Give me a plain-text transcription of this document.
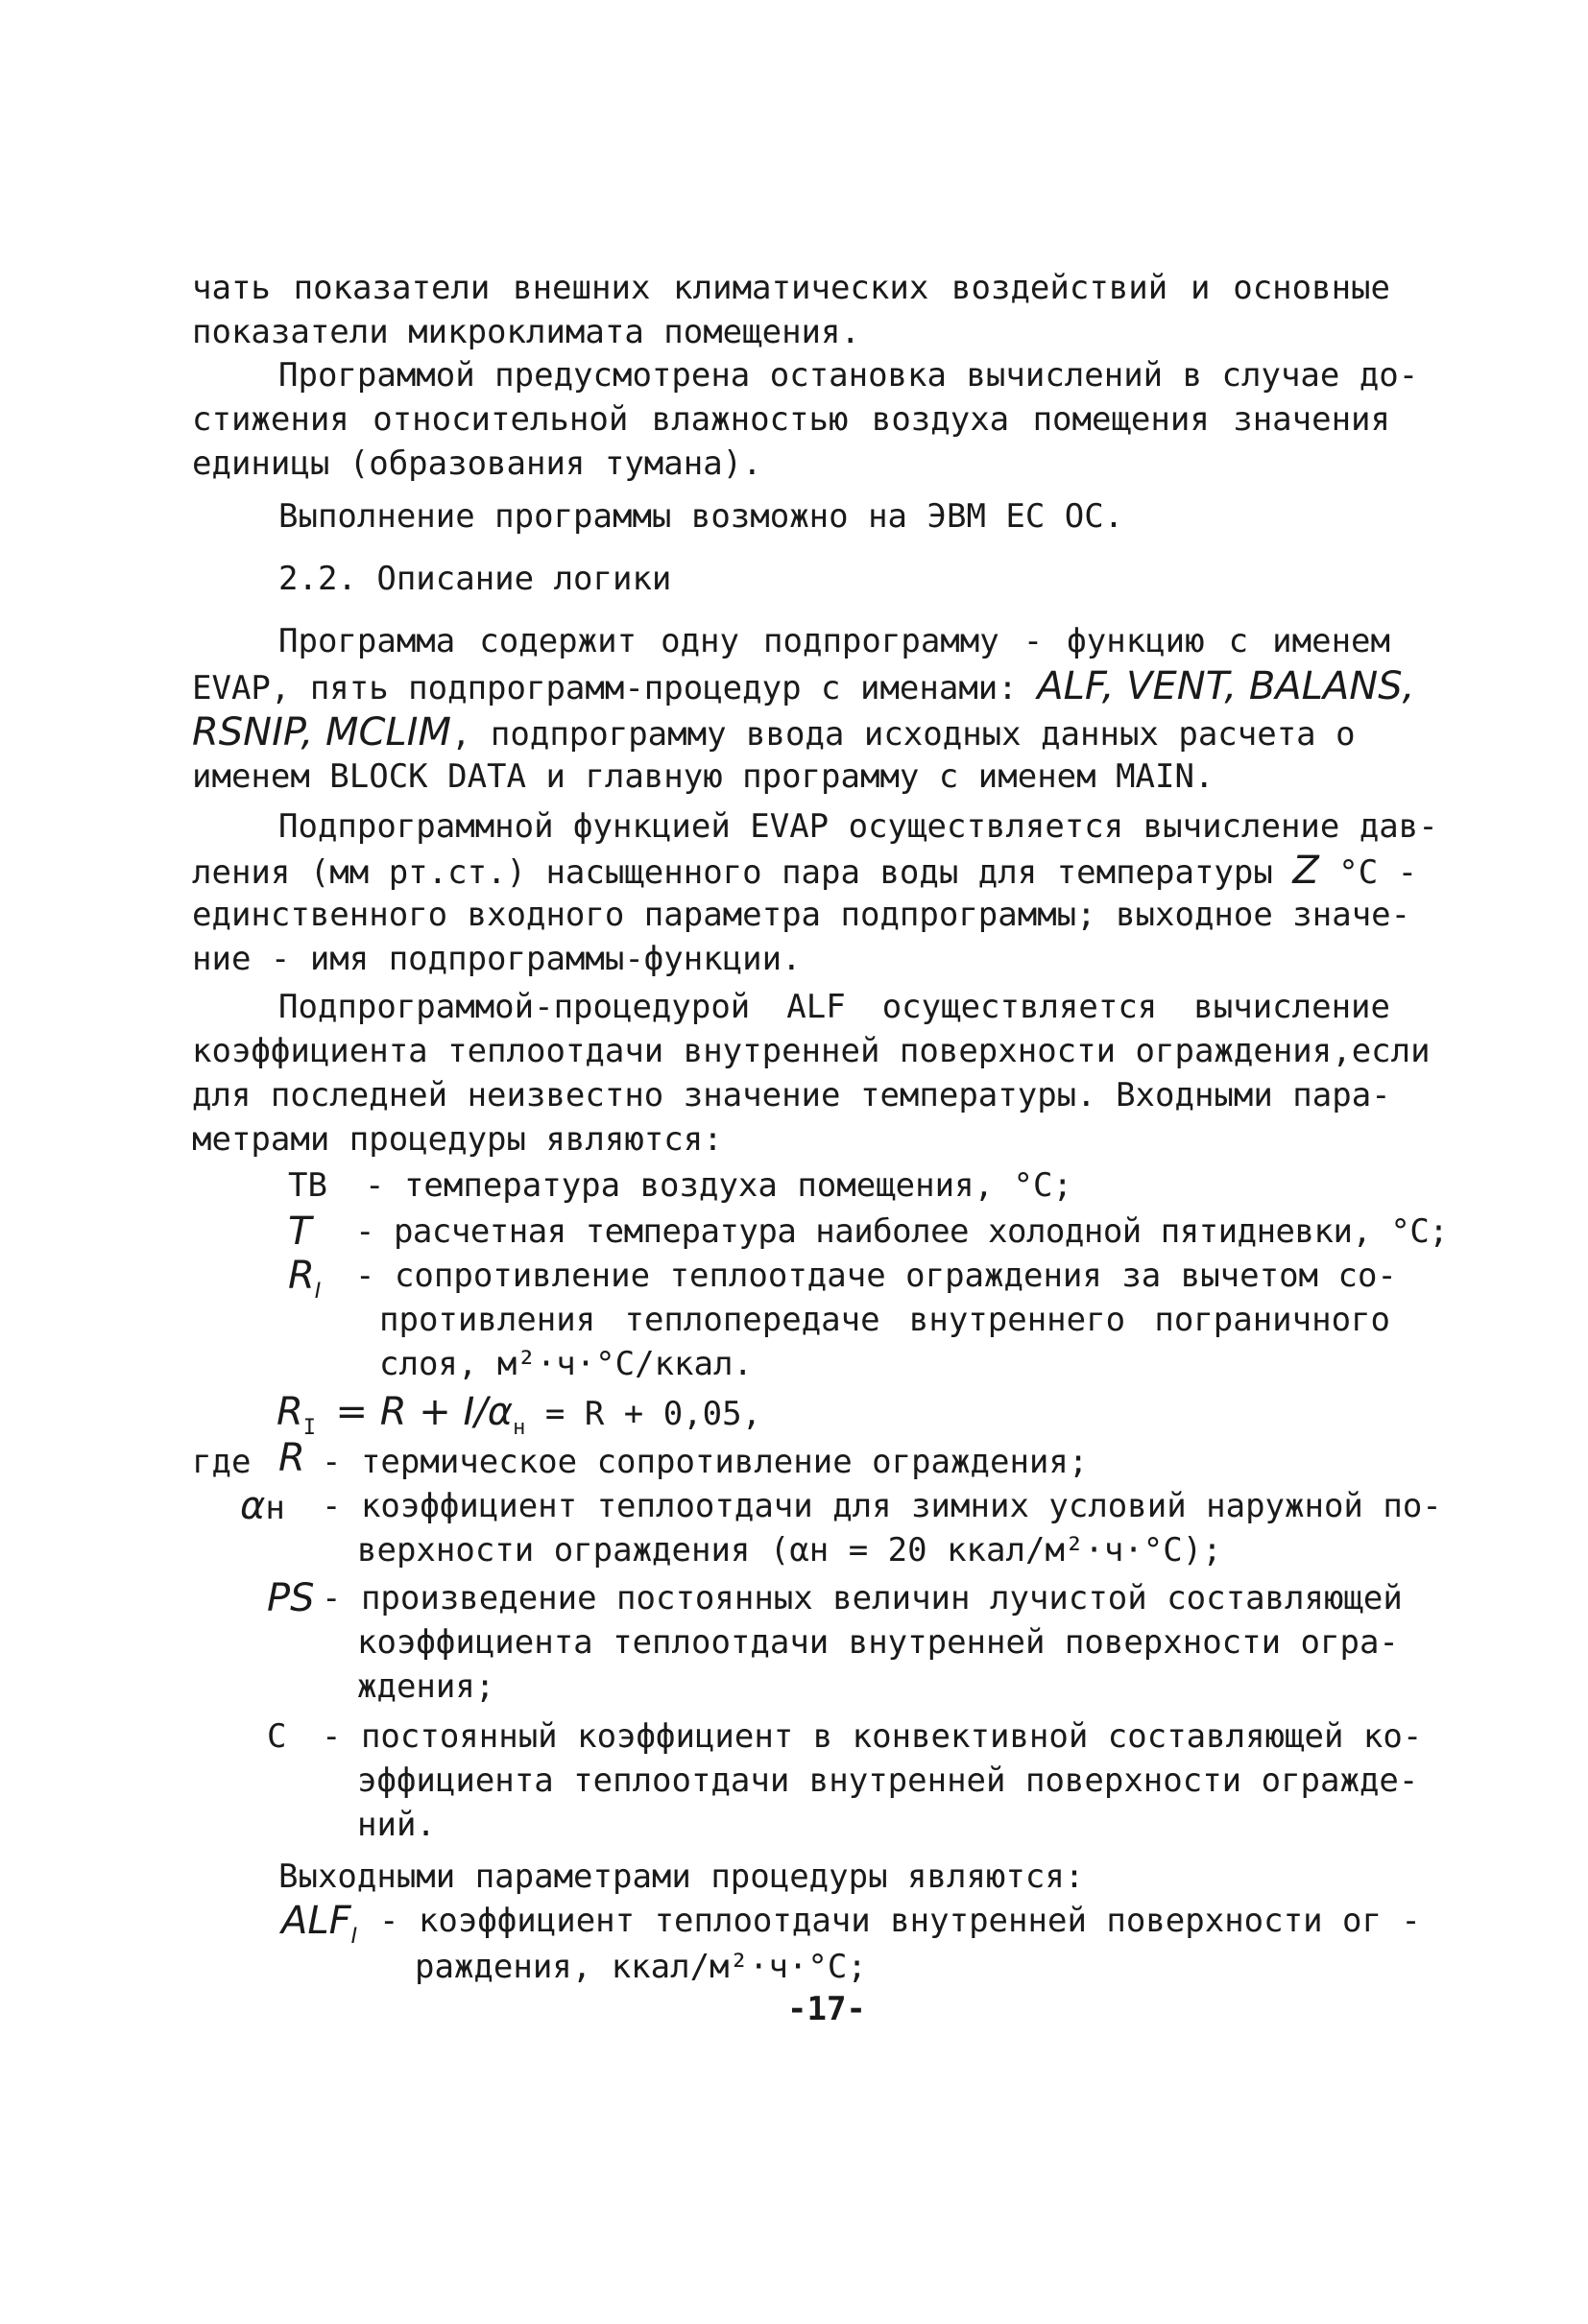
чать показатели внешних климатических воздействий и основные
показатели микроклимата помещения.
Программой предусмотрена остановка вычислений в случае до-
стижения относительной влажностью воздуха помещения значения
единицы (образования тумана).
Выполнение программы возможно на ЭВМ ЕС ОС.
2.2. Описание логики
Программа содержит одну подпрограмму - функцию с именем
EVAP, пять подпрограмм-процедур с именами: ALF, VENT, BALANS,
RSNIP, MCLIM, подпрограмму ввода исходных данных расчета о
именем BLOCK DATA и главную программу с именем MAIN.
Подпрограммной функцией EVAP осуществляется вычисление дав-
ления (мм рт.ст.) насыщенного пара воды для температуры Z °С -
единственного входного параметра подпрограммы; выходное значе-
ние - имя подпрограммы-функции.
Подпрограммой-процедурой ALF осуществляется вычисление
коэффициента теплоотдачи внутренней поверхности ограждения,если
для последней неизвестно значение температуры. Входными пара-
метрами процедуры являются:
ТВ - температура воздуха помещения, °С;
T - расчетная температура наиболее холодной пятидневки, °С;
$R_I$ - сопротивление теплоотдаче ограждения за вычетом со-
противления теплопередаче внутреннего пограничного
слоя, м²·ч·°С/ккал.
$R_I = R + I/\alpha_н = R + 0,05$,
где R - термическое сопротивление ограждения;
αн - коэффициент теплоотдачи для зимних условий наружной по-
верхности ограждения (αн = 20 ккал/м²·ч·°С);
PS - произведение постоянных величин лучистой составляющей
коэффициента теплоотдачи внутренней поверхности огра-
ждения;
С - постоянный коэффициент в конвективной составляющей ко-
эффициента теплоотдачи внутренней поверхности огражде-
ний.
Выходными параметрами процедуры являются:
$ALF_I$ - коэффициент теплоотдачи внутренней поверхности ог -
раждения, ккал/м²·ч·°С;
-17-
